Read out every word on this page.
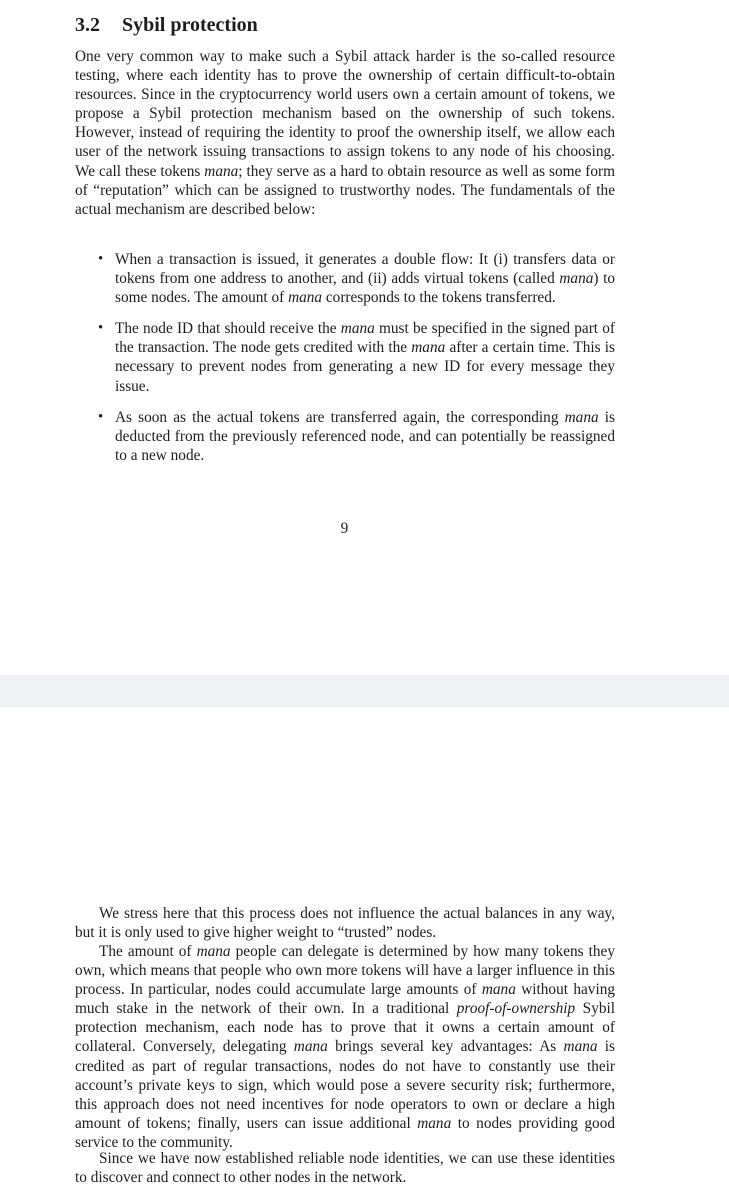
3.2 Sybil protection

One very common way to make such a Sybil attack harder is the so-called resource testing, where each identity has to prove the ownership of certain difficult-to-obtain resources. Since in the cryptocurrency world users own a certain amount of tokens, we propose a Sybil protection mechanism based on the ownership of such tokens. However, instead of requiring the identity to proof the ownership itself, we allow each user of the network issuing transactions to assign tokens to any node of his choosing. We call these tokens mana; they serve as a hard to obtain resource as well as some form of “reputation” which can be assigned to trustworthy nodes. The fundamentals of the actual mechanism are described below:

• When a transaction is issued, it generates a double flow: It (i) transfers data or tokens from one address to another, and (ii) adds virtual tokens (called mana) to some nodes. The amount of mana corresponds to the tokens transferred.
• The node ID that should receive the mana must be specified in the signed part of the transaction. The node gets credited with the mana after a certain time. This is necessary to prevent nodes from generating a new ID for every message they issue.
• As soon as the actual tokens are transferred again, the corresponding mana is deducted from the previously referenced node, and can potentially be reassigned to a new node.
9

We stress here that this process does not influence the actual balances in any way, but it is only used to give higher weight to “trusted” nodes.

The amount of mana people can delegate is determined by how many tokens they own, which means that people who own more tokens will have a larger influence in this process. In particular, nodes could accumulate large amounts of mana without having much stake in the network of their own. In a traditional proof-of-ownership Sybil protection mechanism, each node has to prove that it owns a certain amount of collateral. Conversely, delegating mana brings several key advantages: As mana is credited as part of regular transactions, nodes do not have to constantly use their account’s private keys to sign, which would pose a severe security risk; furthermore, this approach does not need incentives for node operators to own or declare a high amount of tokens; finally, users can issue additional mana to nodes providing good service to the community.

Since we have now established reliable node identities, we can use these identities to discover and connect to other nodes in the network.
